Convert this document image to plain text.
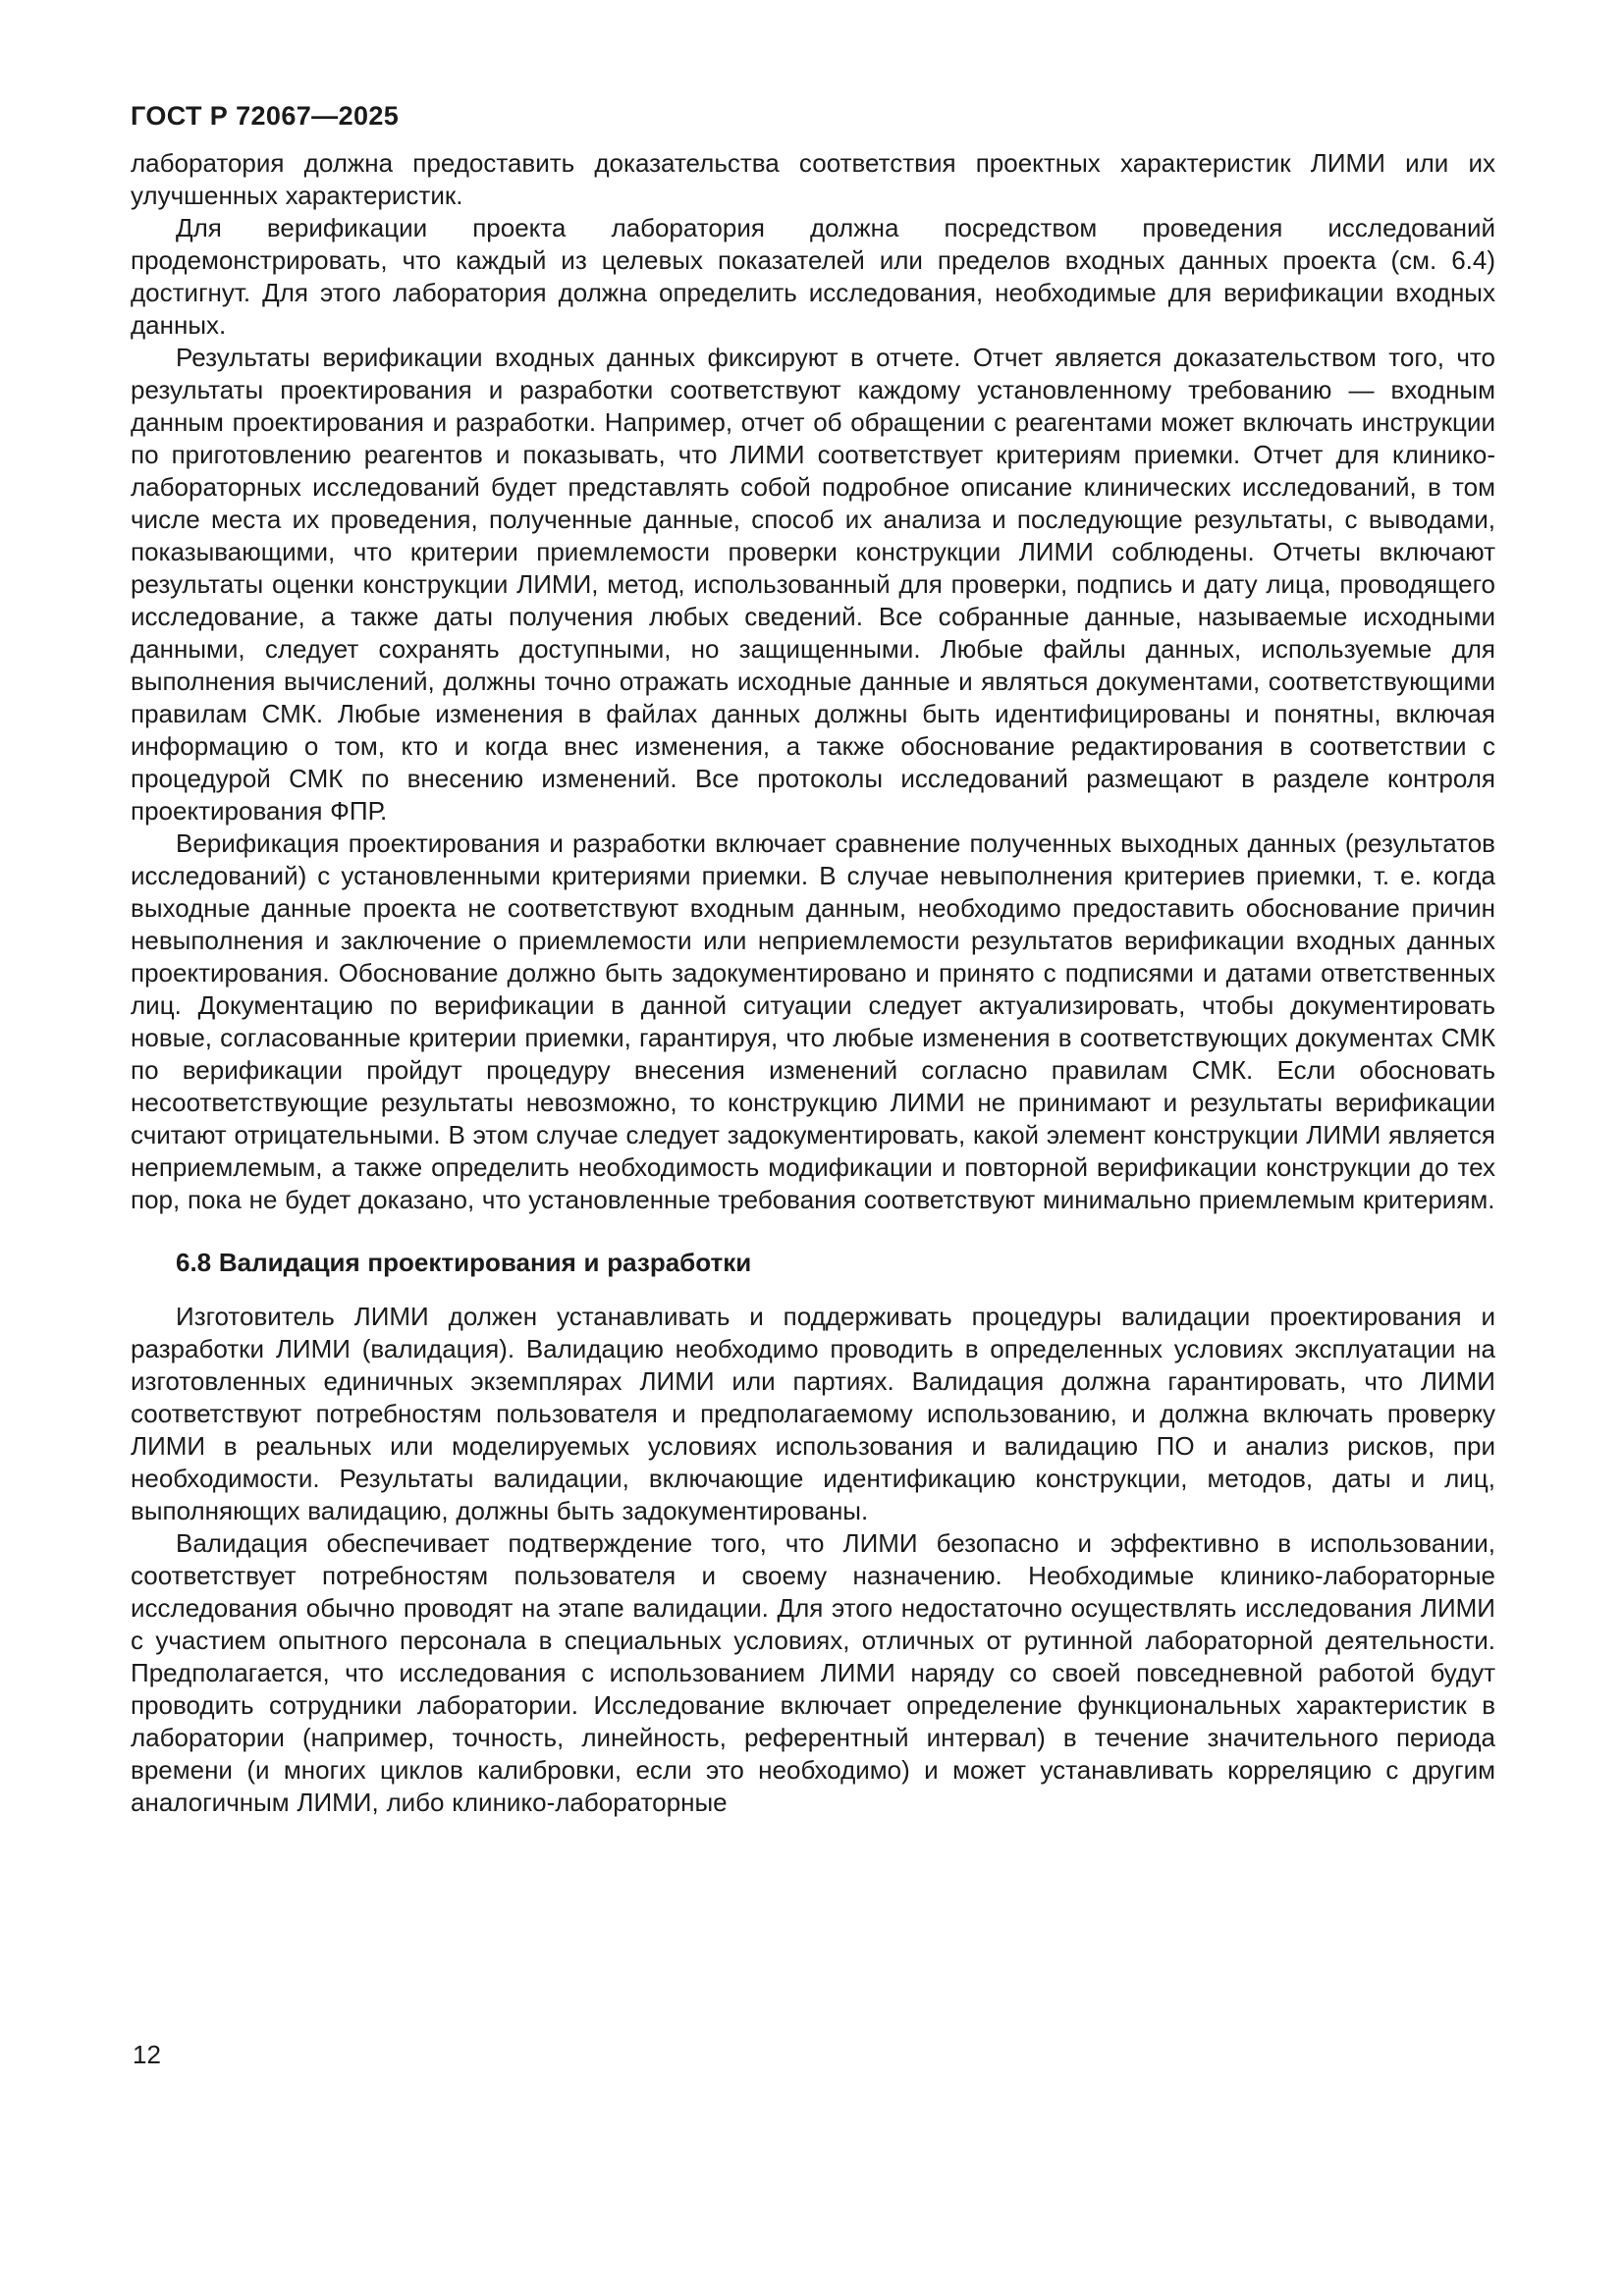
ГОСТ Р 72067—2025

лаборатория должна предоставить доказательства соответствия проектных характеристик ЛИМИ или их улучшенных характеристик.

Для верификации проекта лаборатория должна посредством проведения исследований продемонстрировать, что каждый из целевых показателей или пределов входных данных проекта (см. 6.4) достигнут. Для этого лаборатория должна определить исследования, необходимые для верификации входных данных.

Результаты верификации входных данных фиксируют в отчете. Отчет является доказательством того, что результаты проектирования и разработки соответствуют каждому установленному требованию — входным данным проектирования и разработки. Например, отчет об обращении с реагентами может включать инструкции по приготовлению реагентов и показывать, что ЛИМИ соответствует критериям приемки. Отчет для клинико-лабораторных исследований будет представлять собой подробное описание клинических исследований, в том числе места их проведения, полученные данные, способ их анализа и последующие результаты, с выводами, показывающими, что критерии приемлемости проверки конструкции ЛИМИ соблюдены. Отчеты включают результаты оценки конструкции ЛИМИ, метод, использованный для проверки, подпись и дату лица, проводящего исследование, а также даты получения любых сведений. Все собранные данные, называемые исходными данными, следует сохранять доступными, но защищенными. Любые файлы данных, используемые для выполнения вычислений, должны точно отражать исходные данные и являться документами, соответствующими правилам СМК. Любые изменения в файлах данных должны быть идентифицированы и понятны, включая информацию о том, кто и когда внес изменения, а также обоснование редактирования в соответствии с процедурой СМК по внесению изменений. Все протоколы исследований размещают в разделе контроля проектирования ФПР.

Верификация проектирования и разработки включает сравнение полученных выходных данных (результатов исследований) с установленными критериями приемки. В случае невыполнения критериев приемки, т. е. когда выходные данные проекта не соответствуют входным данным, необходимо предоставить обоснование причин невыполнения и заключение о приемлемости или неприемлемости результатов верификации входных данных проектирования. Обоснование должно быть задокументировано и принято с подписями и датами ответственных лиц. Документацию по верификации в данной ситуации следует актуализировать, чтобы документировать новые, согласованные критерии приемки, гарантируя, что любые изменения в соответствующих документах СМК по верификации пройдут процедуру внесения изменений согласно правилам СМК. Если обосновать несоответствующие результаты невозможно, то конструкцию ЛИМИ не принимают и результаты верификации считают отрицательными. В этом случае следует задокументировать, какой элемент конструкции ЛИМИ является неприемлемым, а также определить необходимость модификации и повторной верификации конструкции до тех пор, пока не будет доказано, что установленные требования соответствуют минимально приемлемым критериям.

6.8 Валидация проектирования и разработки

Изготовитель ЛИМИ должен устанавливать и поддерживать процедуры валидации проектирования и разработки ЛИМИ (валидация). Валидацию необходимо проводить в определенных условиях эксплуатации на изготовленных единичных экземплярах ЛИМИ или партиях. Валидация должна гарантировать, что ЛИМИ соответствуют потребностям пользователя и предполагаемому использованию, и должна включать проверку ЛИМИ в реальных или моделируемых условиях использования и валидацию ПО и анализ рисков, при необходимости. Результаты валидации, включающие идентификацию конструкции, методов, даты и лиц, выполняющих валидацию, должны быть задокументированы.

Валидация обеспечивает подтверждение того, что ЛИМИ безопасно и эффективно в использовании, соответствует потребностям пользователя и своему назначению. Необходимые клинико-лабораторные исследования обычно проводят на этапе валидации. Для этого недостаточно осуществлять исследования ЛИМИ с участием опытного персонала в специальных условиях, отличных от рутинной лабораторной деятельности. Предполагается, что исследования с использованием ЛИМИ наряду со своей повседневной работой будут проводить сотрудники лаборатории. Исследование включает определение функциональных характеристик в лаборатории (например, точность, линейность, референтный интервал) в течение значительного периода времени (и многих циклов калибровки, если это необходимо) и может устанавливать корреляцию с другим аналогичным ЛИМИ, либо клинико-лабораторные

12
